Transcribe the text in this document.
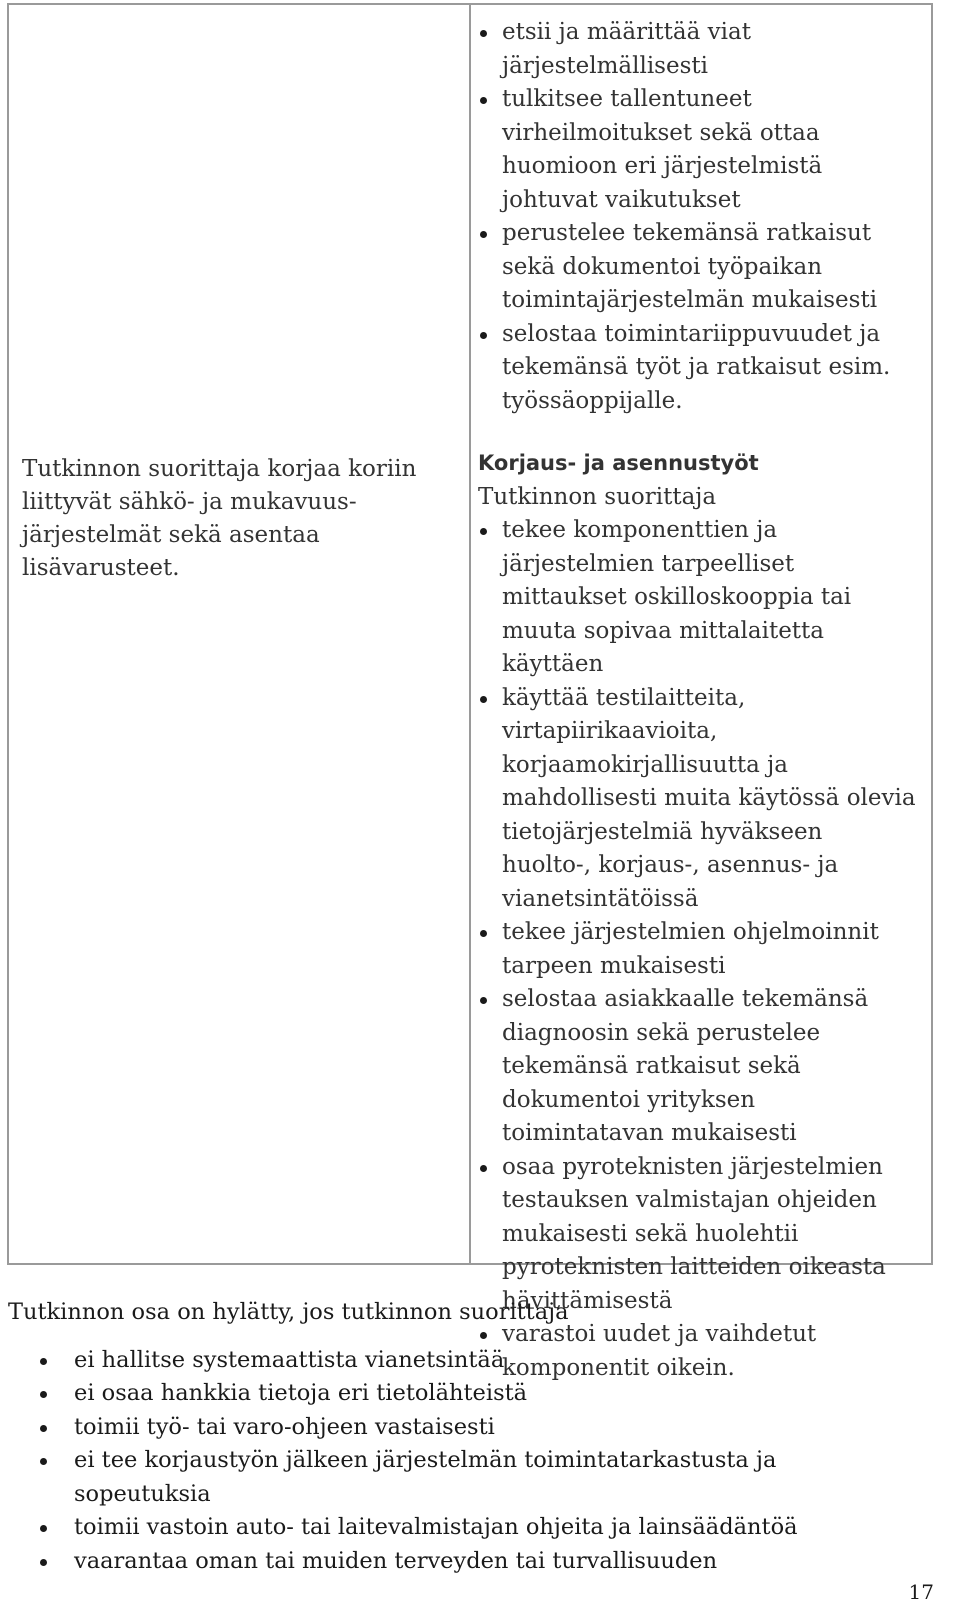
Tutkinnon suorittaja korjaa koriin liittyvät sähkö- ja mukavuus-järjestelmät sekä asentaa lisävarusteet.
etsii ja määrittää viat järjestelmällisesti
tulkitsee tallentuneet virheilmoitukset sekä ottaa huomioon eri järjestelmistä johtuvat vaikutukset
perustelee tekemänsä ratkaisut sekä dokumentoi työpaikan toimintajärjestelmän mukaisesti
selostaa toimintariippuvuudet ja tekemänsä työt ja ratkaisut esim. työssäoppijalle.
Korjaus- ja asennustyöt
Tutkinnon suorittaja
tekee komponenttien ja järjestelmien tarpeelliset mittaukset oskilloskooppia tai muuta sopivaa mittalaitetta käyttäen
käyttää testilaitteita, virtapiirikaavioita, korjaamokirjallisuutta ja mahdollisesti muita käytössä olevia tietojärjestelmiä hyväkseen huolto-, korjaus-, asennus- ja vianetsintätöissä
tekee järjestelmien ohjelmoinnit tarpeen mukaisesti
selostaa asiakkaalle tekemänsä diagnoosin sekä perustelee tekemänsä ratkaisut sekä dokumentoi yrityksen toimintatavan mukaisesti
osaa pyroteknisten järjestelmien testauksen valmistajan ohjeiden mukaisesti sekä huolehtii pyroteknisten laitteiden oikeasta hävittämisestä
varastoi uudet ja vaihdetut komponentit oikein.
Tutkinnon osa on hylätty, jos tutkinnon suorittaja
ei hallitse systemaattista vianetsintää
ei osaa hankkia tietoja eri tietolähteistä
toimii työ- tai varo-ohjeen vastaisesti
ei tee korjaustyön jälkeen järjestelmän toimintatarkastusta ja sopeutuksia
toimii vastoin auto- tai laitevalmistajan ohjeita ja lainsäädäntöä
vaarantaa oman tai muiden terveyden tai turvallisuuden
17
